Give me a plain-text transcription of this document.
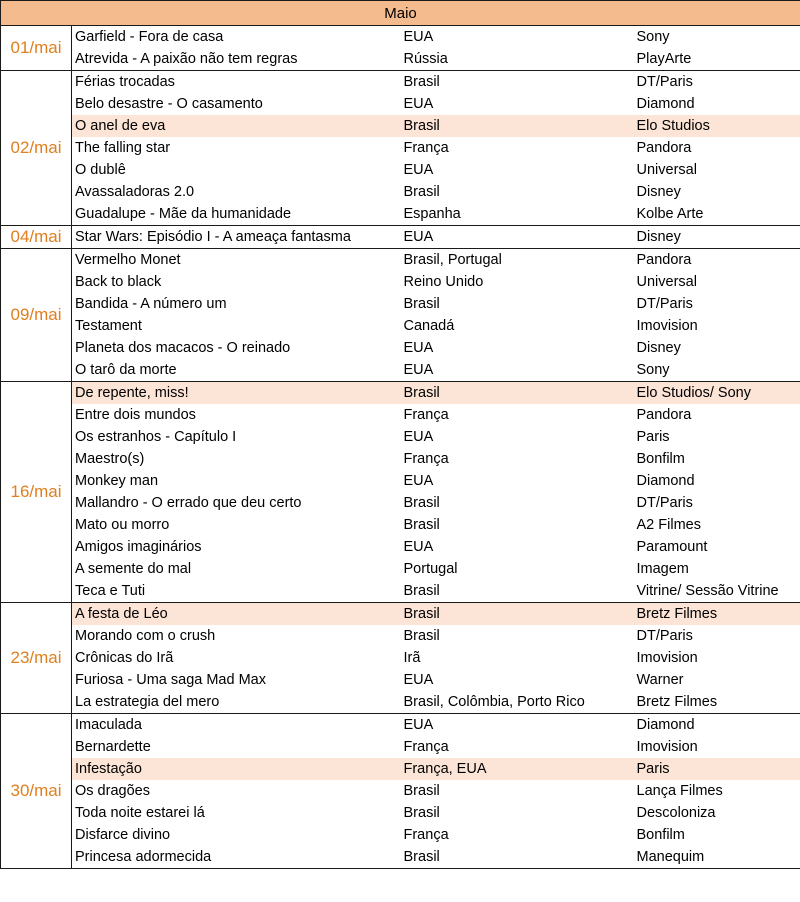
Maio			
01/mai	Garfield - Fora de casa	EUA	Sony
	Atrevida - A paixão não tem regras	Rússia	PlayArte
02/mai	Férias trocadas	Brasil	DT/Paris
	Belo desastre - O casamento	EUA	Diamond
	O anel de eva	Brasil	Elo Studios
	The falling star	França	Pandora
	O dublê	EUA	Universal
	Avassaladoras 2.0	Brasil	Disney
	Guadalupe - Mãe da humanidade	Espanha	Kolbe Arte
04/mai	Star Wars: Episódio I - A ameaça fantasma	EUA	Disney
09/mai	Vermelho Monet	Brasil, Portugal	Pandora
	Back to black	Reino Unido	Universal
	Bandida - A número um	Brasil	DT/Paris
	Testament	Canadá	Imovision
	Planeta dos macacos - O reinado	EUA	Disney
	O tarô da morte	EUA	Sony
16/mai	De repente, miss!	Brasil	Elo Studios/ Sony
	Entre dois mundos	França	Pandora
	Os estranhos - Capítulo I	EUA	Paris
	Maestro(s)	França	Bonfilm
	Monkey man	EUA	Diamond
	Mallandro - O errado que deu certo	Brasil	DT/Paris
	Mato ou morro	Brasil	A2 Filmes
	Amigos imaginários	EUA	Paramount
	A semente do mal	Portugal	Imagem
	Teca e Tuti	Brasil	Vitrine/ Sessão Vitrine
23/mai	A festa de Léo	Brasil	Bretz Filmes
	Morando com o crush	Brasil	DT/Paris
	Crônicas do Irã	Irã	Imovision
	Furiosa - Uma saga Mad Max	EUA	Warner
	La estrategia del mero	Brasil, Colômbia, Porto Rico	Bretz Filmes
30/mai	Imaculada	EUA	Diamond
	Bernardette	França	Imovision
	Infestação	França, EUA	Paris
	Os dragões	Brasil	Lança Filmes
	Toda noite estarei lá	Brasil	Descoloniza
	Disfarce divino	França	Bonfilm
	Princesa adormecida	Brasil	Manequim
